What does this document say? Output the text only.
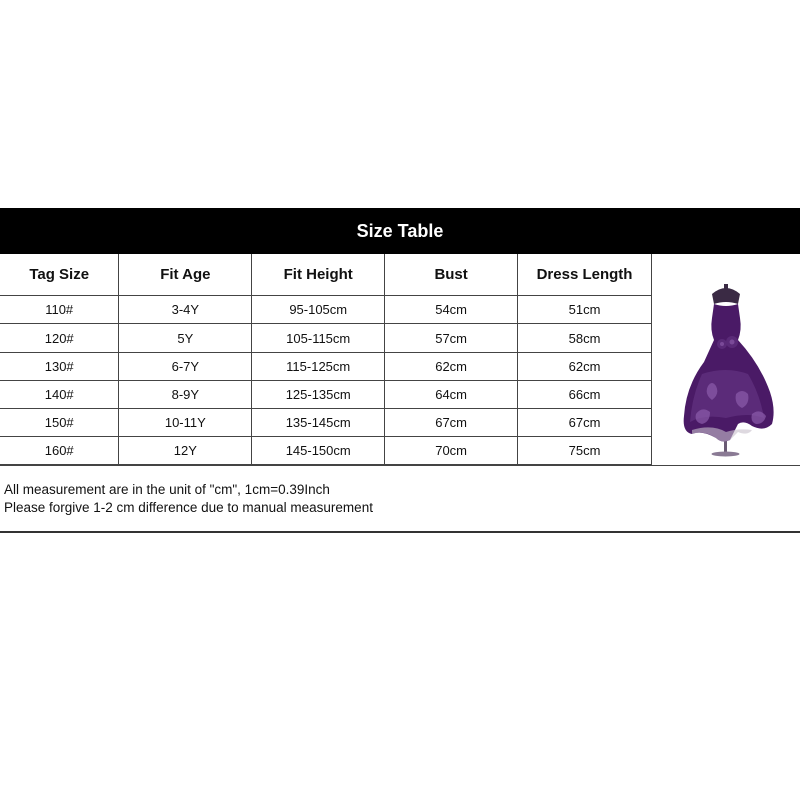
Size Table
Tag Size	Fit Age	Fit Height	Bust	Dress Length
110#	3-4Y	95-105cm	54cm	51cm
120#	5Y	105-115cm	57cm	58cm
130#	6-7Y	115-125cm	62cm	62cm
140#	8-9Y	125-135cm	64cm	66cm
150#	10-11Y	135-145cm	67cm	67cm
160#	12Y	145-150cm	70cm	75cm
All measurement are in the unit of "cm", 1cm=0.39Inch
Please forgive 1-2 cm difference due to manual measurement
